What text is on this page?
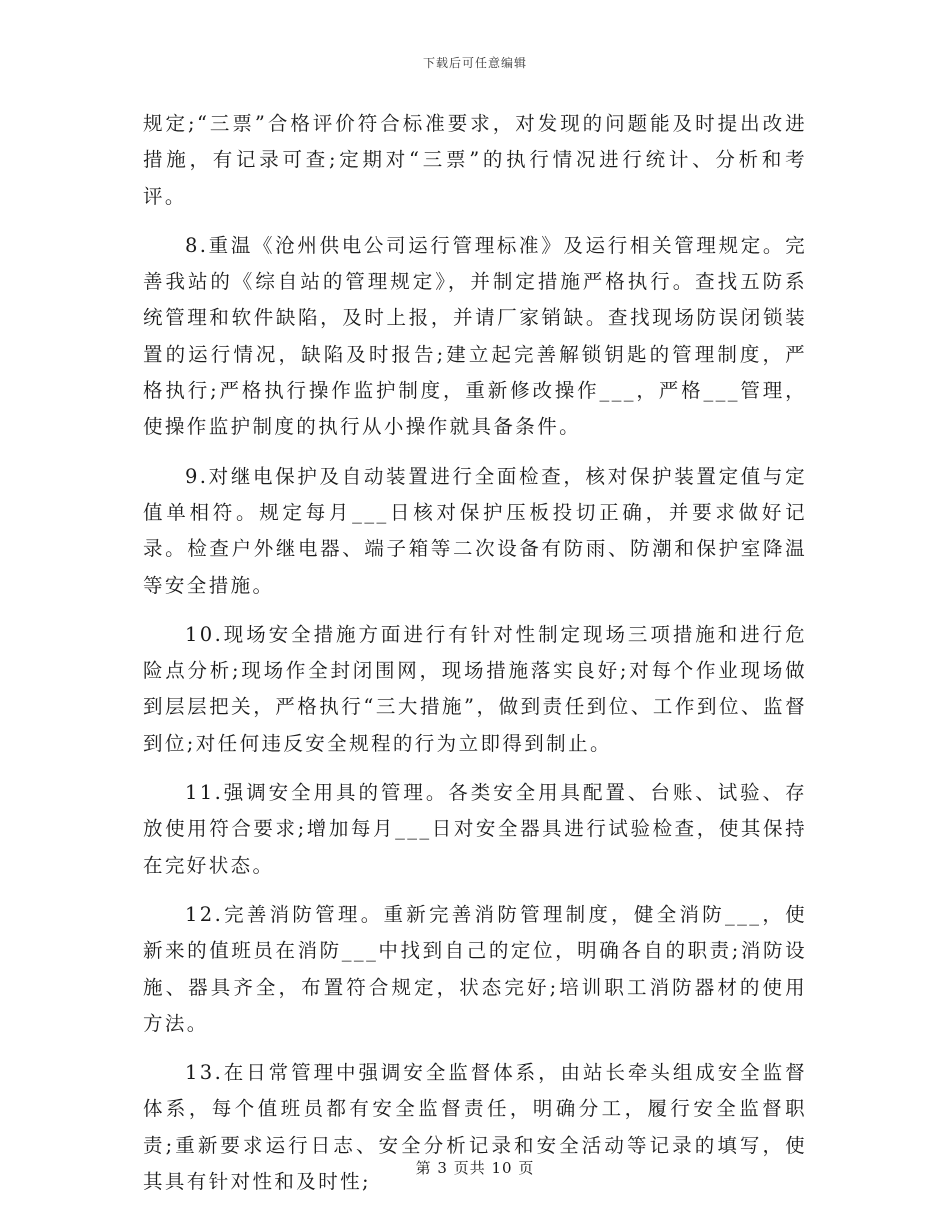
下载后可任意编辑

规定;“三票”合格评价符合标准要求，对发现的问题能及时提出改进措施，有记录可查;定期对“三票”的执行情况进行统计、分析和考评。

8.重温《沧州供电公司运行管理标准》及运行相关管理规定。完善我站的《综自站的管理规定》，并制定措施严格执行。查找五防系统管理和软件缺陷，及时上报，并请厂家销缺。查找现场防误闭锁装置的运行情况，缺陷及时报告;建立起完善解锁钥匙的管理制度，严格执行;严格执行操作监护制度，重新修改操作___，严格___管理，使操作监护制度的执行从小操作就具备条件。

9.对继电保护及自动装置进行全面检查，核对保护装置定值与定值单相符。规定每月___日核对保护压板投切正确，并要求做好记录。检查户外继电器、端子箱等二次设备有防雨、防潮和保护室降温等安全措施。

10.现场安全措施方面进行有针对性制定现场三项措施和进行危险点分析;现场作全封闭围网，现场措施落实良好;对每个作业现场做到层层把关，严格执行“三大措施”，做到责任到位、工作到位、监督到位;对任何违反安全规程的行为立即得到制止。

11.强调安全用具的管理。各类安全用具配置、台账、试验、存放使用符合要求;增加每月___日对安全器具进行试验检查，使其保持在完好状态。

12.完善消防管理。重新完善消防管理制度，健全消防___，使新来的值班员在消防___中找到自己的定位，明确各自的职责;消防设施、器具齐全，布置符合规定，状态完好;培训职工消防器材的使用方法。

13.在日常管理中强调安全监督体系，由站长牵头组成安全监督体系，每个值班员都有安全监督责任，明确分工，履行安全监督职责;重新要求运行日志、安全分析记录和安全活动等记录的填写，使其具有针对性和及时性;

第 3 页共 10 页
